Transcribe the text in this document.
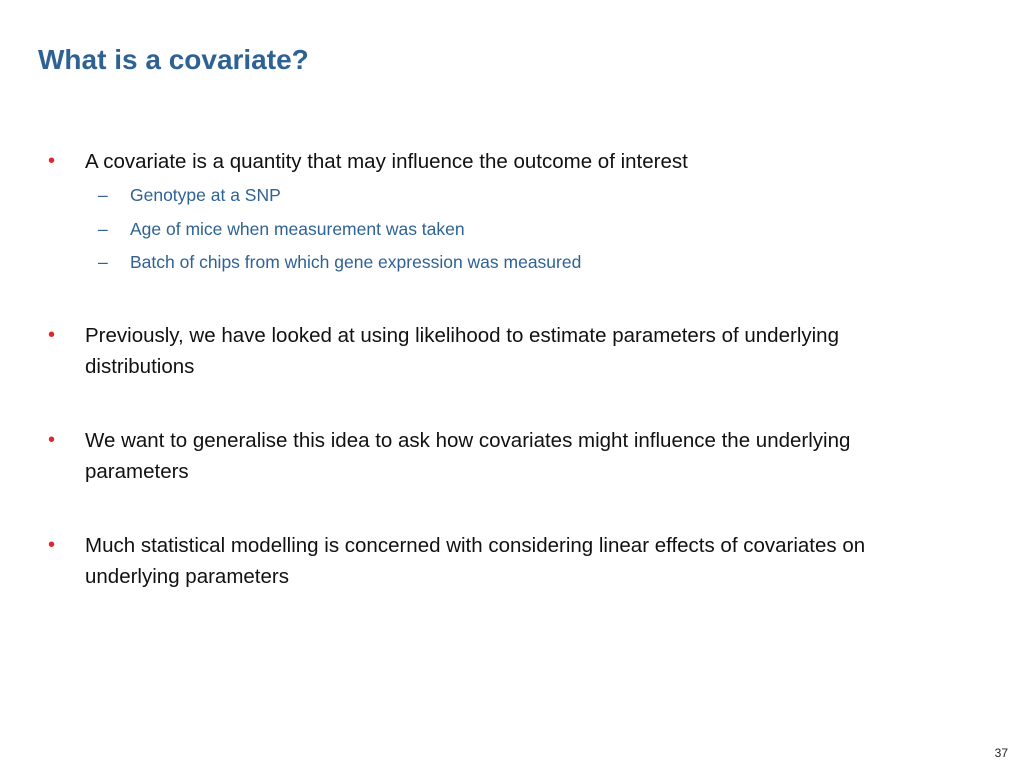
What is a covariate?
•	A covariate is a quantity that may influence the outcome of interest
–	Genotype at a SNP
–	Age of mice when measurement was taken
–	Batch of chips from which gene expression was measured
•	Previously, we have looked at using likelihood to estimate parameters of underlying distributions
•	We want to generalise this idea to ask how covariates might influence the underlying parameters
•	Much statistical modelling is concerned with considering linear effects of covariates on underlying parameters
37
